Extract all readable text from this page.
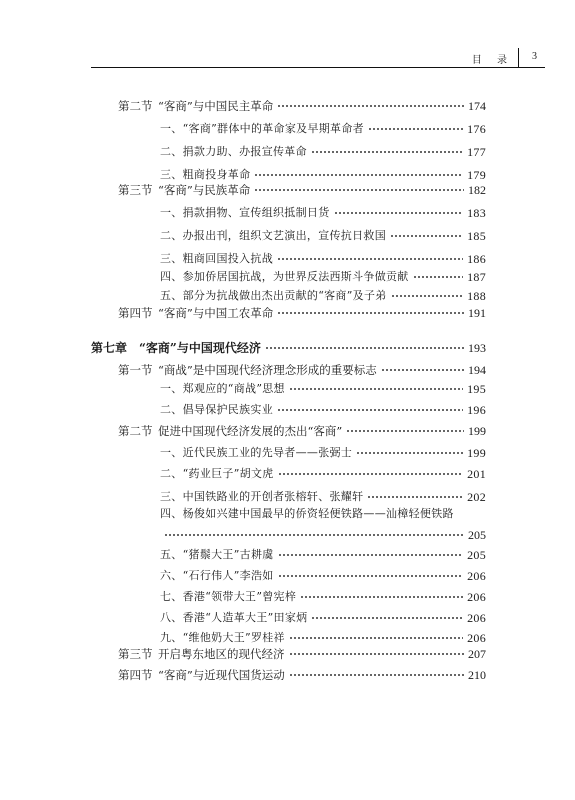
目 录 3
第二节 “客商”与中国民主革命	174
一、“客商”群体中的革命家及早期革命者	176
二、捐款力助、办报宣传革命	177
三、粗商投身革命	179
第三节 “客商”与民族革命	182
一、捐款捐物、宣传组织抵制日货	183
二、办报出刊，组织文艺演出，宣传抗日救国	185
三、粗商回国投入抗战	186
四、参加侨居国抗战，为世界反法西斯斗争做贡献	187
五、部分为抗战做出杰出贡献的“客商”及子弟	188
第四节 “客商”与中国工农革命	191
第七章 “客商”与中国现代经济	193
第一节 “商战”是中国现代经济理念形成的重要标志	194
一、郑观应的“商战”思想	195
二、倡导保护民族实业	196
第二节 促进中国现代经济发展的杰出“客商”	199
一、近代民族工业的先导者——张弼士	199
二、“药业巨子”胡文虎	201
三、中国铁路业的开创者张榕轩、张耀轩	202
四、杨俊如兴建中国最早的侨资轻便铁路——汕樟轻便铁路
205
五、“猪鬃大王”古耕虞	205
六、“石行伟人”李浩如	206
七、香港“领带大王”曾宪梓	206
八、香港“人造革大王”田家炳	206
九、“维他奶大王”罗桂祥	206
第三节 开启粤东地区的现代经济	207
第四节 “客商”与近现代国货运动	210
